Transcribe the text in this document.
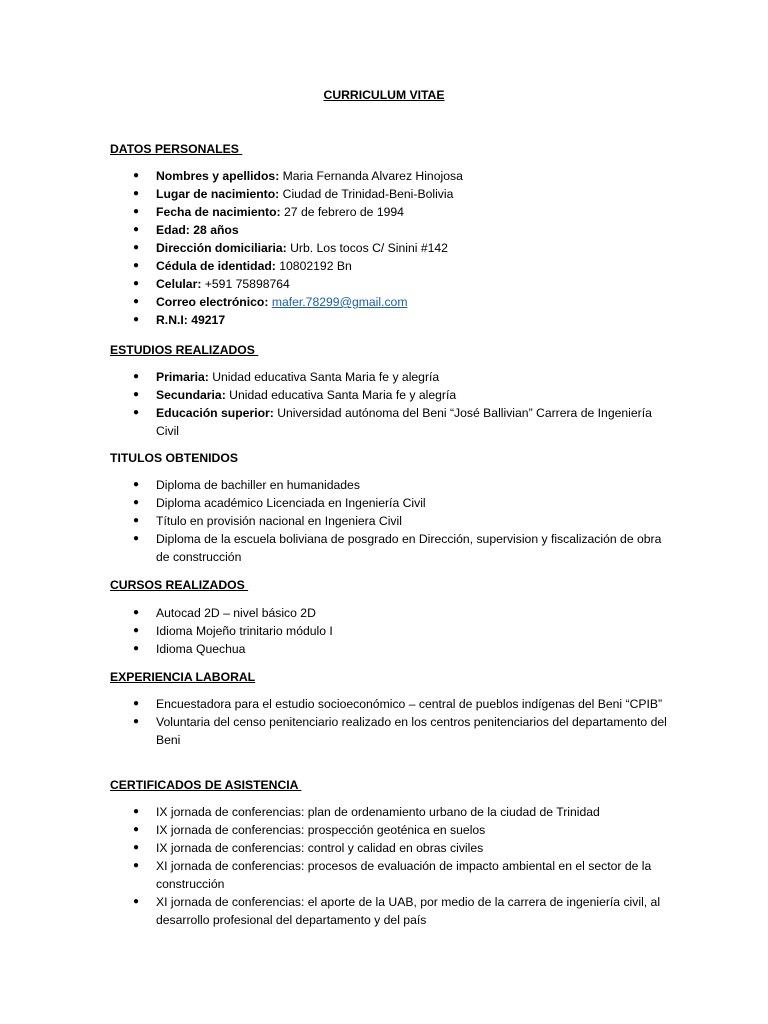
CURRICULUM VITAE
DATOS PERSONALES
● Nombres y apellidos: Maria Fernanda Alvarez Hinojosa
● Lugar de nacimiento: Ciudad de Trinidad-Beni-Bolivia
● Fecha de nacimiento: 27 de febrero de 1994
● Edad: 28 años
● Dirección domiciliaria: Urb. Los tocos C/ Sinini #142
● Cédula de identidad: 10802192 Bn
● Celular: +591 75898764
● Correo electrónico: mafer.78299@gmail.com
● R.N.I: 49217
ESTUDIOS REALIZADOS
● Primaria: Unidad educativa Santa Maria fe y alegría
● Secundaria: Unidad educativa Santa Maria fe y alegría
● Educación superior: Universidad autónoma del Beni “José Ballivian” Carrera de Ingeniería Civil
TITULOS OBTENIDOS
● Diploma de bachiller en humanidades
● Diploma académico Licenciada en Ingeniería Civil
● Título en provisión nacional en Ingeniera Civil
● Diploma de la escuela boliviana de posgrado en Dirección, supervision y fiscalización de obra de construcción
CURSOS REALIZADOS
● Autocad 2D – nivel básico 2D
● Idioma Mojeño trinitario módulo I
● Idioma Quechua
EXPERIENCIA LABORAL
● Encuestadora para el estudio socioeconómico – central de pueblos indígenas del Beni “CPIB”
● Voluntaria del censo penitenciario realizado en los centros penitenciarios del departamento del Beni
CERTIFICADOS DE ASISTENCIA
● IX jornada de conferencias: plan de ordenamiento urbano de la ciudad de Trinidad
● IX jornada de conferencias: prospección geoténica en suelos
● IX jornada de conferencias: control y calidad en obras civiles
● XI jornada de conferencias: procesos de evaluación de impacto ambiental en el sector de la construcción
● XI jornada de conferencias: el aporte de la UAB, por medio de la carrera de ingeniería civil, al desarrollo profesional del departamento y del país
